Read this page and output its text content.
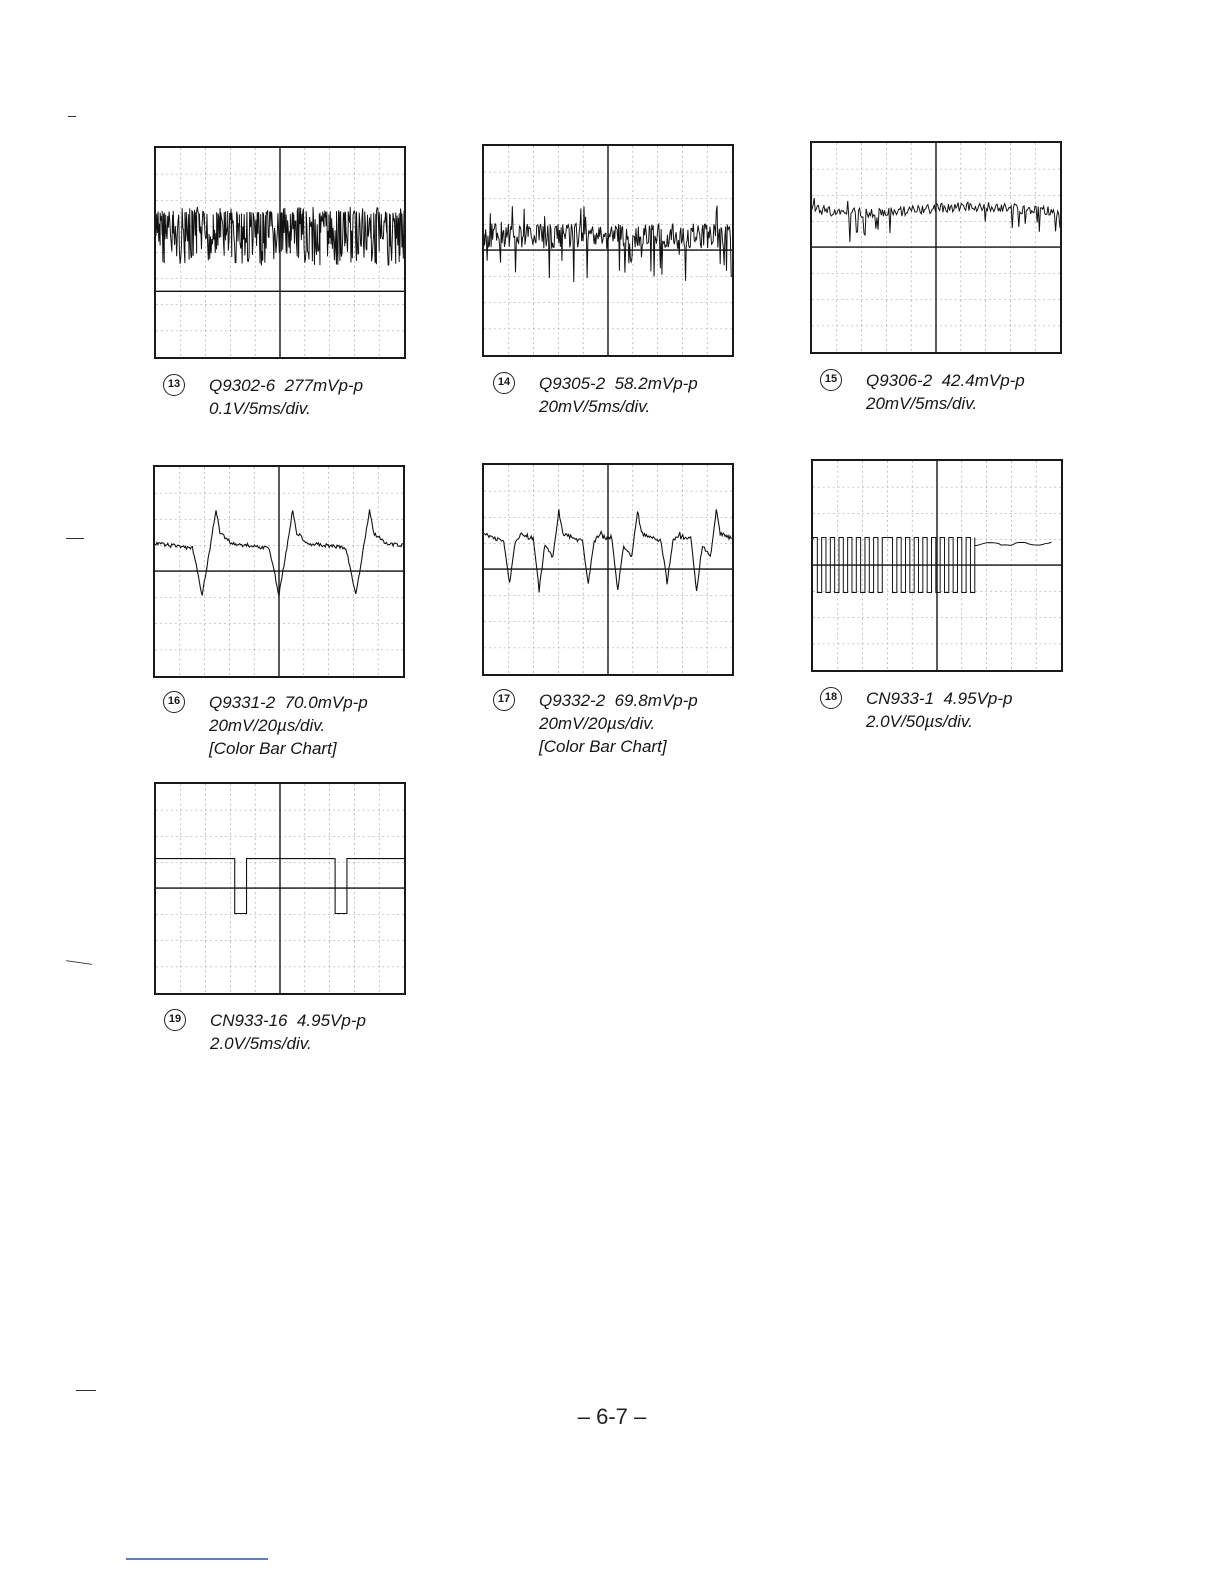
13	Q9302-6  277mVp-p
0.1V/5ms/div.
14	Q9305-2  58.2mVp-p
20mV/5ms/div.
15	Q9306-2  42.4mVp-p
20mV/5ms/div.
16	Q9331-2  70.0mVp-p
20mV/20µs/div.
[Color Bar Chart]
17	Q9332-2  69.8mVp-p
20mV/20µs/div.
[Color Bar Chart]
18	CN933-1  4.95Vp-p
2.0V/50µs/div.
19	CN933-16  4.95Vp-p
2.0V/5ms/div.
– 6-7 –
